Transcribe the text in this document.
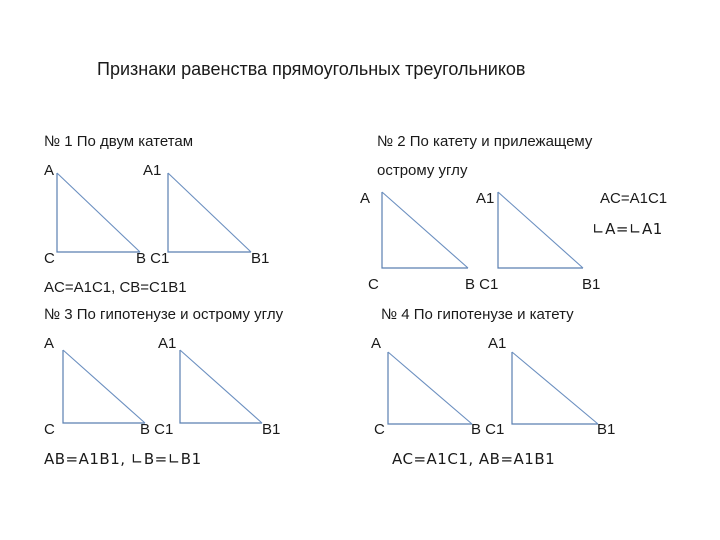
Признаки равенства прямоугольных треугольников
№ 1 По двум катетам
A	A1
C	B C1	B1
AC=A1C1, CB=C1B1
№ 2 По катету и прилежащему
острому углу
A	A1	AC=A1C1
∟A=∟A1
C	B C1	B1
№ 3 По гипотенузе и острому углу
A	A1
C	B C1	B1
AB=A1B1, ∟B=∟B1
№ 4 По гипотенузе и катету
A	A1
C	B C1	B1
AC=A1C1, AB=A1B1
